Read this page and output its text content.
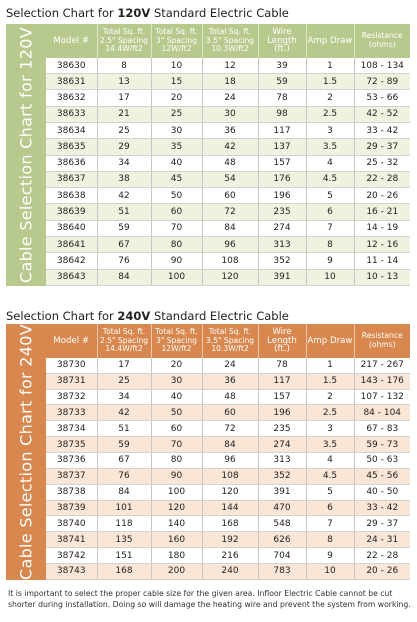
Selection Chart for 120V Standard Electric Cable
Cable Selection Chart for 120V Model #	Total Sq. ft.
2.5" Spacing
14.4W/ft2	Total Sq. ft.
3" Spacing
12W/ft2	Total Sq. ft.
3.5" Spacing
10.3W/ft2	Wire Length
(ft.)	Amp Draw	Resistance
(ohms)
38630	8	10	12	39	1	108 - 134
38631	13	15	18	59	1.5	72 - 89
38632	17	20	24	78	2	53 - 66
38633	21	25	30	98	2.5	42 - 52
38634	25	30	36	117	3	33 - 42
38635	29	35	42	137	3.5	29 - 37
38636	34	40	48	157	4	25 - 32
38637	38	45	54	176	4.5	22 - 28
38638	42	50	60	196	5	20 - 26
38639	51	60	72	235	6	16 - 21
38640	59	70	84	274	7	14 - 19
38641	67	80	96	313	8	12 - 16
38642	76	90	108	352	9	11 - 14
38643	84	100	120	391	10	10 - 13
Selection Chart for 240V Standard Electric Cable
Cable Selection Chart for 240V Model #	Total Sq. ft.
2.5" Spacing
14.4W/ft2	Total Sq. ft.
3" Spacing
12W/ft2	Total Sq. ft.
3.5" Spacing
10.3W/ft2	Wire Length
(ft.)	Amp Draw	Resistance
(ohms)
38730	17	20	24	78	1	217 - 267
38731	25	30	36	117	1.5	143 - 176
38732	34	40	48	157	2	107 - 132
38733	42	50	60	196	2.5	84 - 104
38734	51	60	72	235	3	67 - 83
38735	59	70	84	274	3.5	59 - 73
38736	67	80	96	313	4	50 - 63
38737	76	90	108	352	4.5	45 - 56
38738	84	100	120	391	5	40 - 50
38739	101	120	144	470	6	33 - 42
38740	118	140	168	548	7	29 - 37
38741	135	160	192	626	8	24 - 31
38742	151	180	216	704	9	22 - 28
38743	168	200	240	783	10	20 - 26
It is important to select the proper cable size for the given area. Infloor Electric Cable cannot be cut shorter during installation. Doing so will damage the heating wire and prevent the system from working.
